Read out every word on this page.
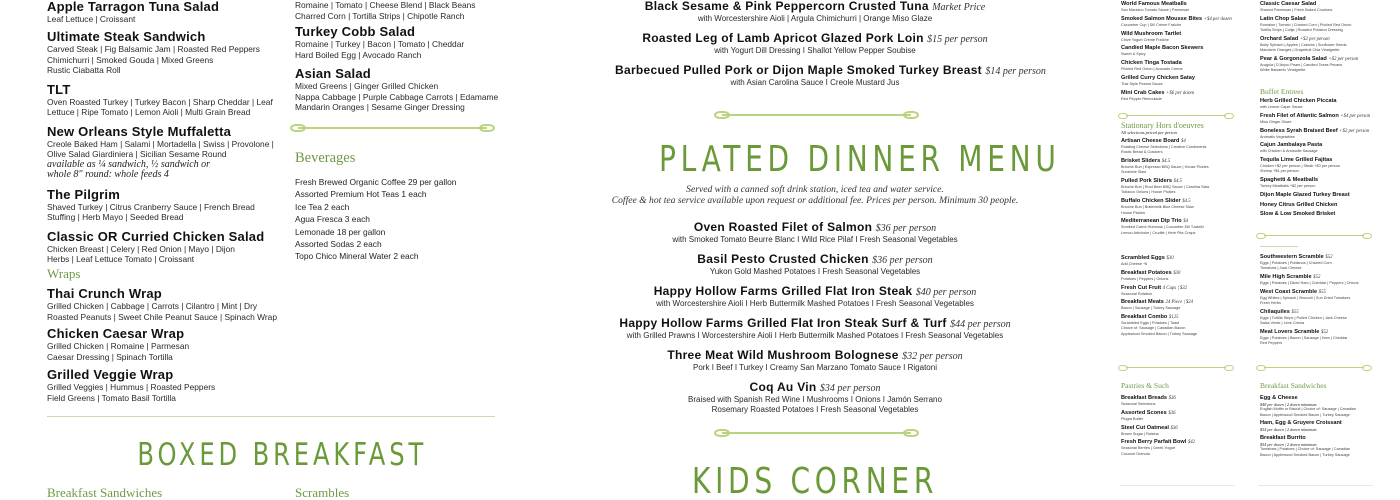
Apple Tarragon Tuna Salad
Leaf Lettuce | Croissant
Ultimate Steak Sandwich
Carved Steak | Fig Balsamic Jam | Roasted Red Peppers
Chimichurri | Smoked Gouda | Mixed Greens
Rustic Ciabatta Roll
TLT
Oven Roasted Turkey | Turkey Bacon | Sharp Cheddar | Leaf
Lettuce | Ripe Tomato | Lemon Aioli | Multi Grain Bread
New Orleans Style Muffaletta
Creole Baked Ham | Salami | Mortadella | Swiss | Provolone |
Olive Salad Giardiniera | Sicilian Sesame Round
available as ¼ sandwich, ½ sandwich or
whole 8" round: whole feeds 4
The Pilgrim
Shaved Turkey | Citrus Cranberry Sauce | French Bread
Stuffing | Herb Mayo | Seeded Bread
Classic OR Curried Chicken Salad
Chicken Breast | Celery | Red Onion | Mayo | Dijon
Herbs | Leaf Lettuce Tomato | Croissant
Wraps
Thai Crunch Wrap
Grilled Chicken | Cabbage | Carrots | Cilantro | Mint | Dry
Roasted Peanuts | Sweet Chile Peanut Sauce | Spinach Wrap
Chicken Caesar Wrap
Grilled Chicken | Romaine | Parmesan
Caesar Dressing | Spinach Tortilla
Grilled Veggie Wrap
Grilled Veggies | Hummus | Roasted Peppers
Field Greens | Tomato Basil Tortilla
BOXED BREAKFAST
Breakfast Sandwiches	Scrambles
Romaine | Tomato | Cheese Blend | Black Beans
Charred Corn | Tortilla Strips | Chipotle Ranch
Turkey Cobb Salad
Romaine | Turkey | Bacon | Tomato | Cheddar
Hard Boiled Egg | Avocado Ranch
Asian Salad
Mixed Greens | Ginger Grilled Chicken
Nappa Cabbage | Purple Cabbage Carrots | Edamame
Mandarin Oranges | Sesame Ginger Dressing
Beverages
Fresh Brewed Organic Coffee 29 per gallon
Assorted Premium Hot Teas 1 each
Ice Tea 2 each
Agua Fresca 3 each
Lemonade 18 per gallon
Assorted Sodas 2 each
Topo Chico Mineral Water 2 each
Black Sesame & Pink Peppercorn Crusted Tuna Market Price
with Worcestershire Aioli | Argula Chimichurri | Orange Miso Glaze
Roasted Leg of Lamb Apricot Glazed Pork Loin $15 per person
with Yogurt Dill Dressing I Shallot Yellow Pepper Soubise
Barbecued Pulled Pork or Dijon Maple Smoked Turkey Breast $14 per person
with Asian Carolina Sauce I Creole Mustard Jus
PLATED DINNER MENU
Served with a canned soft drink station, iced tea and water service.
Coffee & hot tea service available upon request or additional fee. Prices per person. Minimum 30 people.
Oven Roasted Filet of Salmon $36 per person
with Smoked Tomato Beurre Blanc I Wild Rice Pilaf I Fresh Seasonal Vegetables
Basil Pesto Crusted Chicken $36 per person
Yukon Gold Mashed Potatoes I Fresh Seasonal Vegetables
Happy Hollow Farms Grilled Flat Iron Steak $40 per person
with Worcestershire Aioli I Herb Buttermilk Mashed Potatoes I Fresh Seasonal Vegetables
Happy Hollow Farms Grilled Flat Iron Steak Surf & Turf $44 per person
with Grilled Prawns I Worcestershire Aioli I Herb Buttermilk Mashed Potatoes I Fresh Seasonal Vegetables
Three Meat Wild Mushroom Bolognese $32 per person
Pork I Beef I Turkey I Creamy San Marzano Tomato Sauce I Rigatoni
Coq Au Vin $34 per person
Braised with Spanish Red Wine I Mushrooms I Onions I Jamón Serrano
Rosemary Roasted Potatoes I Fresh Seasonal Vegetables
KIDS CORNER
World Famous Meatballs
San Marzano Tomato Sauce | Parmesan
Smoked Salmon Mousse Bites +$4 per dozen
Cucumber Cup | Dill Crème Fraîche
Wild Mushroom Tartlet
Chive Yogurt Crème Fraîche
Candied Maple Bacon Skewers
Sweet & Spicy
Chicken Tinga Tostada
Pickled Red Onion | Avocado Crema
Grilled Curry Chicken Satay
Thai Style Peanut Sauce
Mini Crab Cakes +$6 per dozen
Red Pepper Remoulade
Stationary Hors d'oeuvres
All selections priced per person
Artisan Cheese Board $4
Rotating Cheese Selections | Creative Condiments
Rustic Bread & Crackers
Brisket Sliders $4.5
Brioche Bun | Espresso BBQ Sauce | House Pickles
Sunshine Slaw
Pulled Pork Sliders $4.5
Brioche Bun | Root Beer BBQ Sauce | Carolina Slaw
Tobacco Onions | House Pickles
Buffalo Chicken Slider $4.5
Brioche Bun | Buttermilk Blue Cheese Slaw
House Pickles
Mediterranean Dip Trio $4
Smoked Carrot Hummus | Cucumber-Dill Tzatziki
Lemon Artichoke | Crudité | Herb Pita Crisps
Scrambled Eggs $30
Add Cheese +6
Breakfast Potatoes $30
Potatoes | Peppers | Onions
Fresh Cut Fruit 4 Cups | $32
Seasonal Rotation
Breakfast Meats 24 Piece | $24
Bacon | Sausage | Turkey Sausage
Breakfast Combo $125
Scrambled Eggs | Potatoes | Toast
Choice of: Sausage | Canadian Bacon
Applewood Smoked Bacon | Turkey Sausage
Pastries & Such
Breakfast Breads $36
Seasonal Selections
Assorted Scones $36
Plugra Butter
Steel Cut Oatmeal $36
Brown Sugar | Raisins
Fresh Berry Parfait Bowl $42
Seasonal Berries | Greek Yogurt
Coconut Granola
Classic Caesar Salad
Shaved Parmesan | Fresh Baked Croutons
Latin Chop Salad
Romaine | Tomato | Charred Corn | Pickled Red Onion
Tortilla Strips | Cotija | Roasted Poblano Dressing
Orchard Salad +$2 per person
Baby Spinach | Apples | Craisins | Sunflower Seeds
Mandarin Oranges | Grapefruit Chia Vinaigrette
Pear & Gorgonzola Salad +$2 per person
Arugula | D'Anjou Pears | Candied Texas Pecans
White Balsamic Vinaigrette
Buffet Entrees
Herb Grilled Chicken Piccata
with Lemon Caper Sauce
Fresh Filet of Atlantic Salmon +$4 per person
Miso Ginger Glaze
Boneless Syrah Braised Beef +$2 per person
Aromatic Vegetables
Cajun Jambalaya Pasta
with Chicken & Andouille Sausage
Tequila Lime Grilled Fajitas
Chicken +$2 per person | Steak +$3 per person
Shrimp +$4 per person
Spaghetti & Meatballs
Turkey Meatballs +$2 per person
Dijon Maple Glazed Turkey Breast
Honey Citrus Grilled Chicken
Slow & Low Smoked Brisket
Southwestern Scramble $52
Eggs | Potatoes | Poblanos | Charred Corn
Tomatoes | Jack Cheese
Mile High Scramble $52
Eggs | Potatoes | Diced Ham | Cheddar | Peppers | Onions
West Coast Scramble $55
Egg Whites | Spinach | Broccoli | Sun Dried Tomatoes
Fresh Herbs
Chilaquiles $55
Eggs | Tortilla Strips | Pulled Chicken | Jack Cheese
Salsa Verde | Lime Crema
Meat Lovers Scramble $52
Eggs | Potatoes | Bacon | Sausage | Ham | Cheddar
Red Peppers
Breakfast Sandwiches
Egg & Cheese
$48 per dozen | 2 dozen minimum
English Muffin or Biscuit | Choice of: Sausage | Canadian
Bacon | Applewood Smoked Bacon | Turkey Sausage
Ham, Egg & Gruyere Croissant
$54 per dozen | 2 dozen minimum
Breakfast Burrito
$54 per dozen | 2 dozen minimum
Tomatoes | Potatoes | Choice of: Sausage | Canadian
Bacon | Applewood Smoked Bacon | Turkey Sausage
